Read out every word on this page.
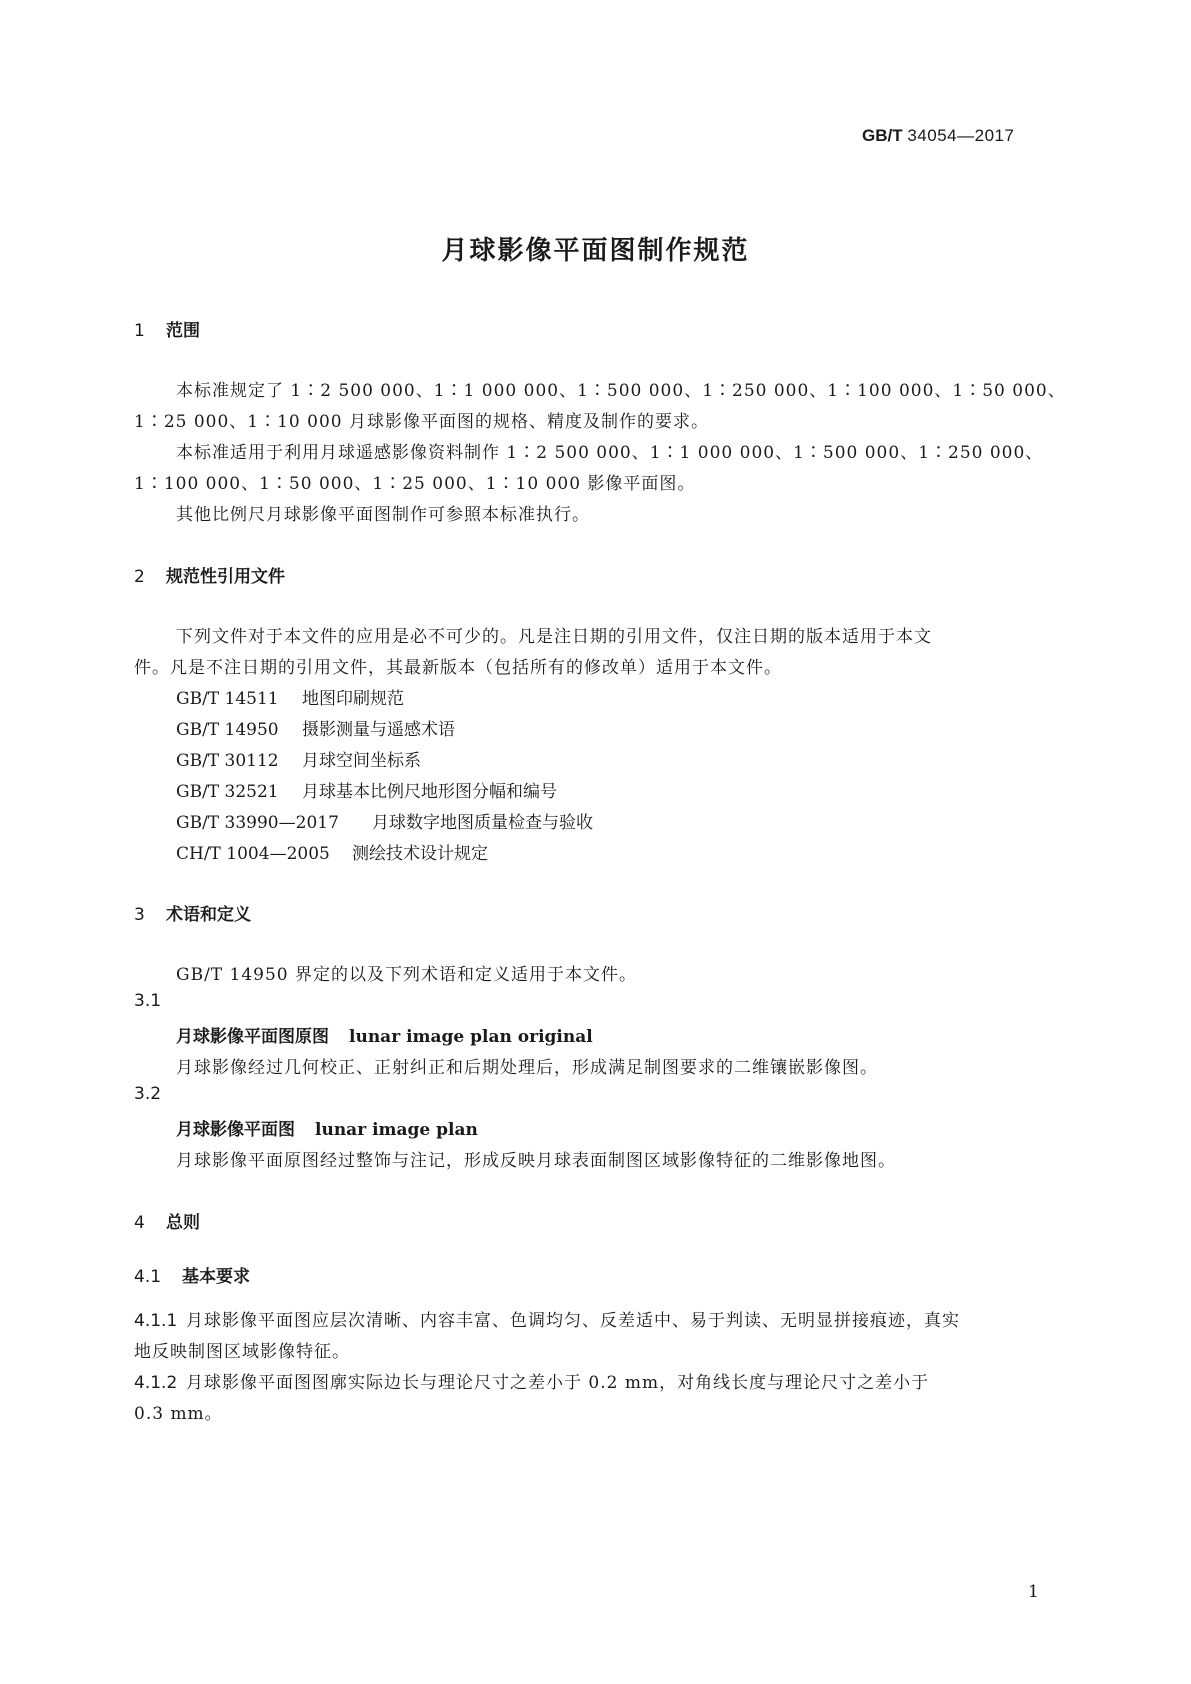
GB/T 34054—2017
月球影像平面图制作规范
1 范围
本标准规定了 1∶2 500 000、1∶1 000 000、1∶500 000、1∶250 000、1∶100 000、1∶50 000、
1∶25 000、1∶10 000 月球影像平面图的规格、精度及制作的要求。
本标准适用于利用月球遥感影像资料制作 1∶2 500 000、1∶1 000 000、1∶500 000、1∶250 000、
1∶100 000、1∶50 000、1∶25 000、1∶10 000 影像平面图。
其他比例尺月球影像平面图制作可参照本标准执行。
2 规范性引用文件
下列文件对于本文件的应用是必不可少的。凡是注日期的引用文件，仅注日期的版本适用于本文
件。凡是不注日期的引用文件，其最新版本（包括所有的修改单）适用于本文件。
GB/T 14511 地图印刷规范
GB/T 14950 摄影测量与遥感术语
GB/T 30112 月球空间坐标系
GB/T 32521 月球基本比例尺地形图分幅和编号
GB/T 33990—2017 月球数字地图质量检查与验收
CH/T 1004—2005 测绘技术设计规定
3 术语和定义
GB/T 14950 界定的以及下列术语和定义适用于本文件。
3.1
月球影像平面图原图 lunar image plan original
月球影像经过几何校正、正射纠正和后期处理后，形成满足制图要求的二维镶嵌影像图。
3.2
月球影像平面图 lunar image plan
月球影像平面原图经过整饰与注记，形成反映月球表面制图区域影像特征的二维影像地图。
4 总则
4.1 基本要求
4.1.1 月球影像平面图应层次清晰、内容丰富、色调均匀、反差适中、易于判读、无明显拼接痕迹，真实
地反映制图区域影像特征。
4.1.2 月球影像平面图图廓实际边长与理论尺寸之差小于 0.2 mm，对角线长度与理论尺寸之差小于
0.3 mm。
1
